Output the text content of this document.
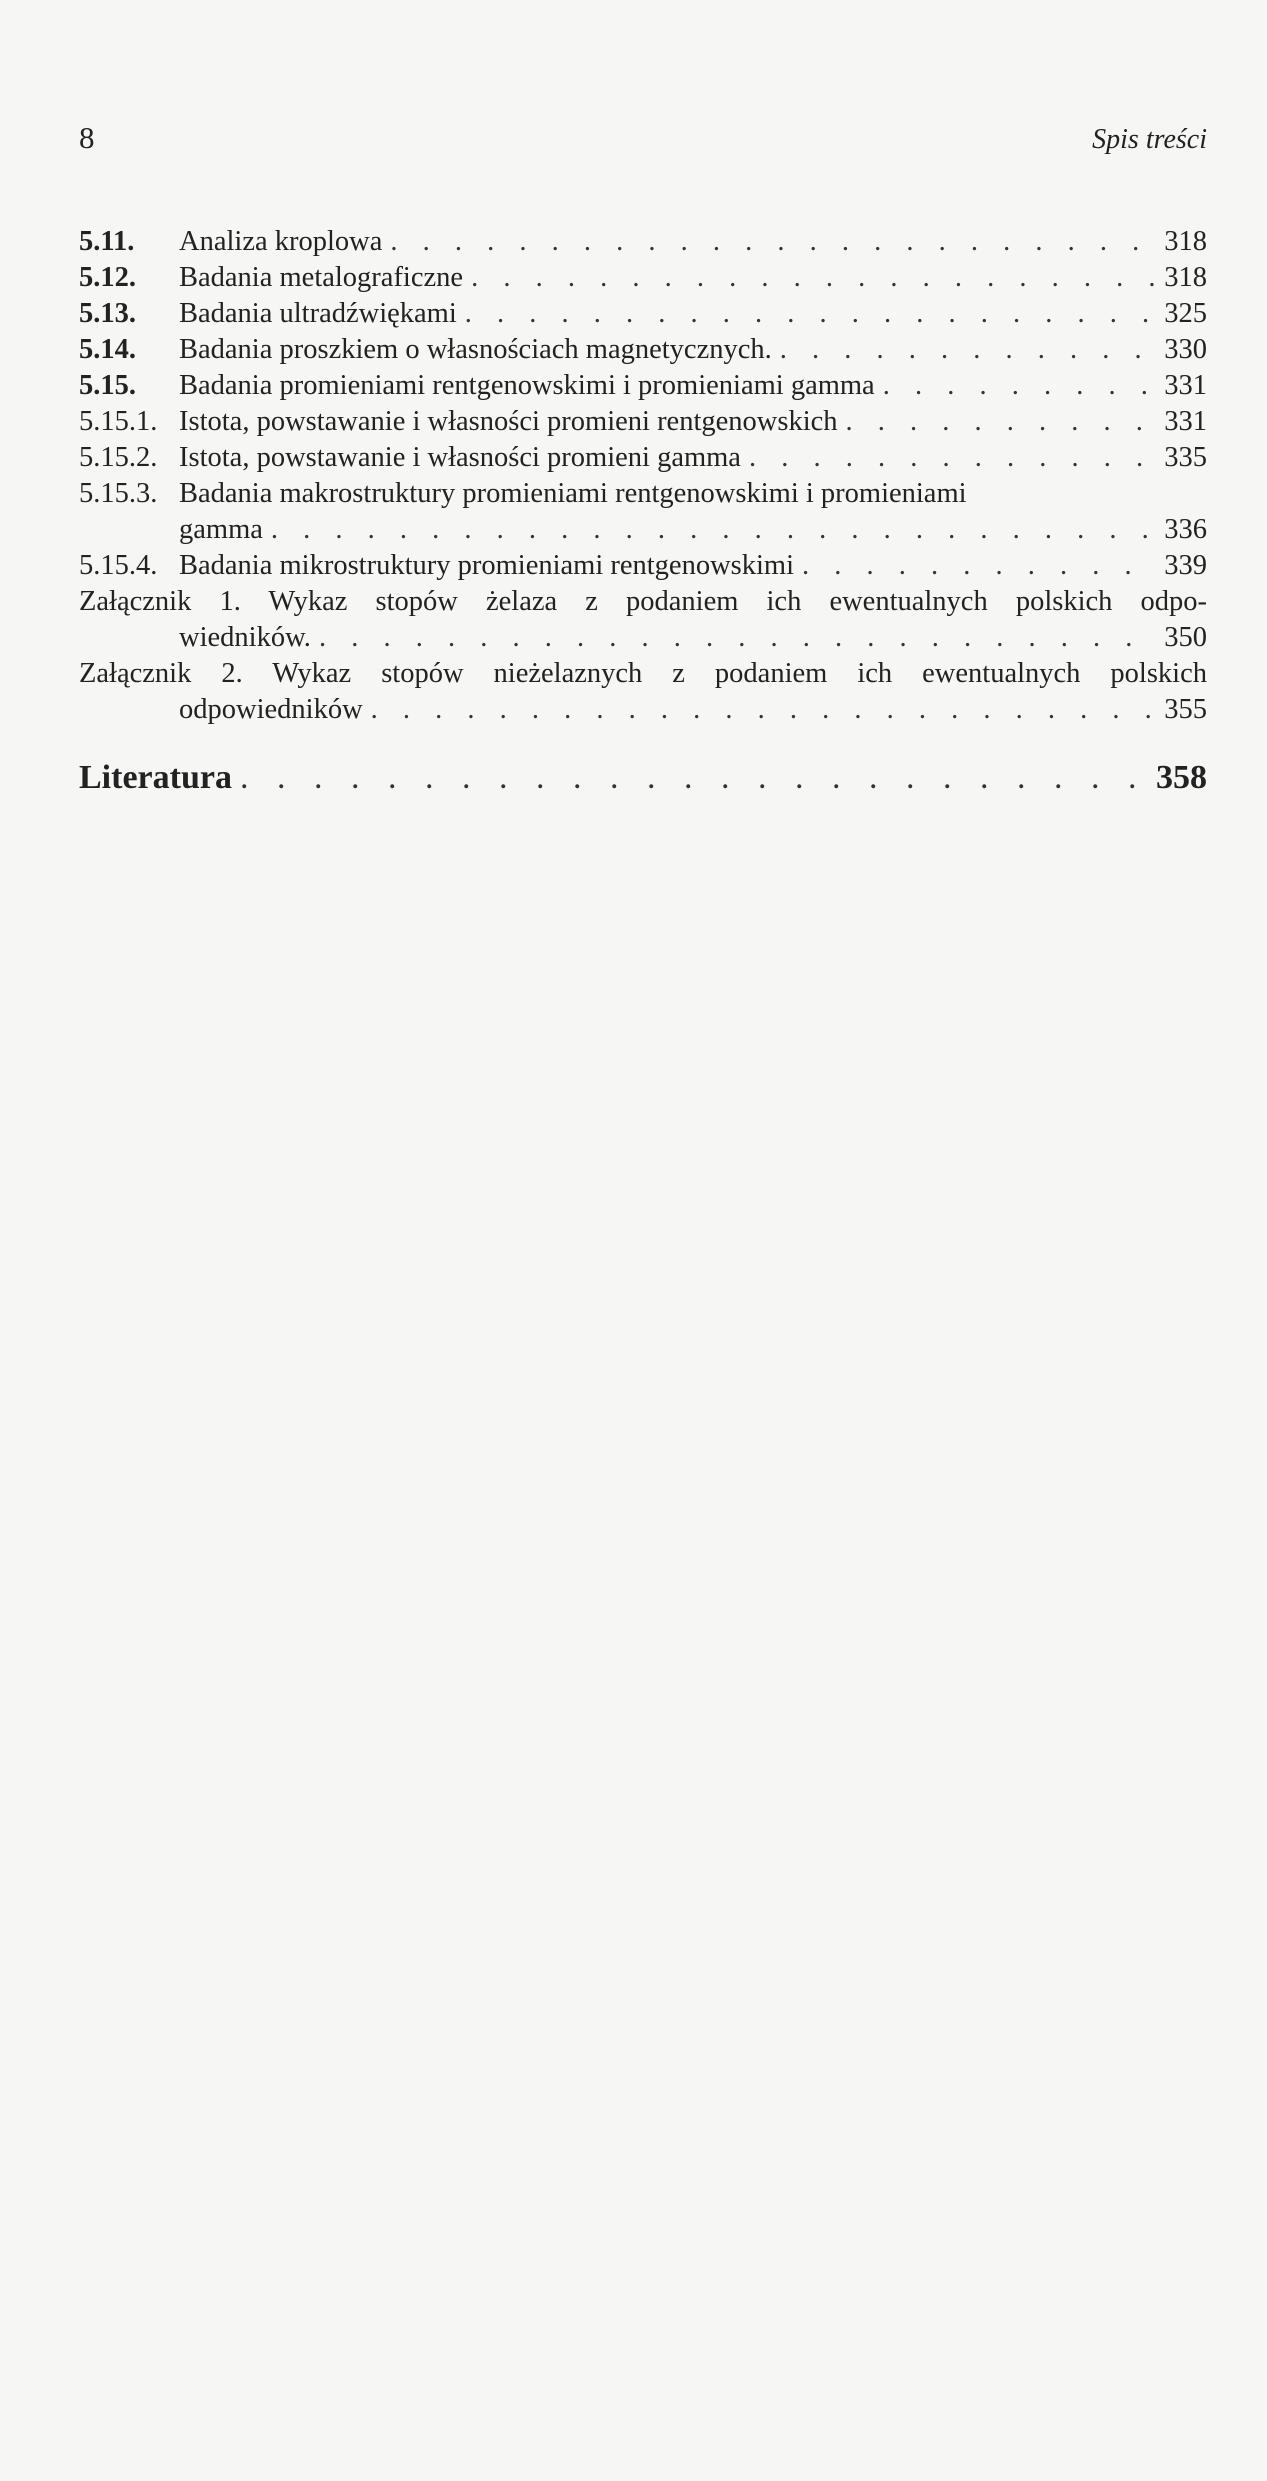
8	Spis treści
5.11.	Analiza kroplowa . . .	318
5.12.	Badania metalograficzne . . .	318
5.13.	Badania ultradźwiękami . . .	325
5.14.	Badania proszkiem o własnościach magnetycznych. . . .	330
5.15.	Badania promieniami rentgenowskimi i promieniami gamma . . .	331
5.15.1. Istota, powstawanie i własności promieni rentgenowskich . . .	331
5.15.2. Istota, powstawanie i własności promieni gamma . . .	335
5.15.3. Badania makrostruktury promieniami rentgenowskimi i promieniami
gamma . . .	336
5.15.4. Badania mikrostruktury promieniami rentgenowskimi . . .	339
Załącznik 1. Wykaz stopów żelaza z podaniem ich ewentualnych polskich odpo-
wiedników. . . .	350
Załącznik 2. Wykaz stopów nieżelaznych z podaniem ich ewentualnych polskich
odpowiedników . . .	355
Literatura . . .	358
